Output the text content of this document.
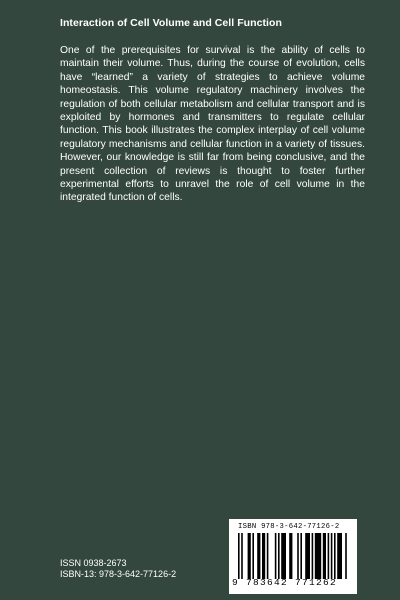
Interaction of Cell Volume and Cell Function
One of the prerequisites for survival is the ability of cells to maintain their volume. Thus, during the course of evolution, cells have “learned” a variety of strategies to achieve volume homeostasis. This volume regulatory machinery involves the regulation of both cellular metabolism and cellular transport and is exploited by hormones and transmitters to regulate cellular function. This book illustrates the complex interplay of cell volume regulatory mechanisms and cellular function in a variety of tissues. However, our knowledge is still far from being conclusive, and the present collection of reviews is thought to foster further experimental efforts to unravel the role of cell volume in the integrated function of cells.
ISSN 0938-2673
ISBN-13: 978-3-642-77126-2
ISBN 978-3-642-77126-2
9 783642 771262
